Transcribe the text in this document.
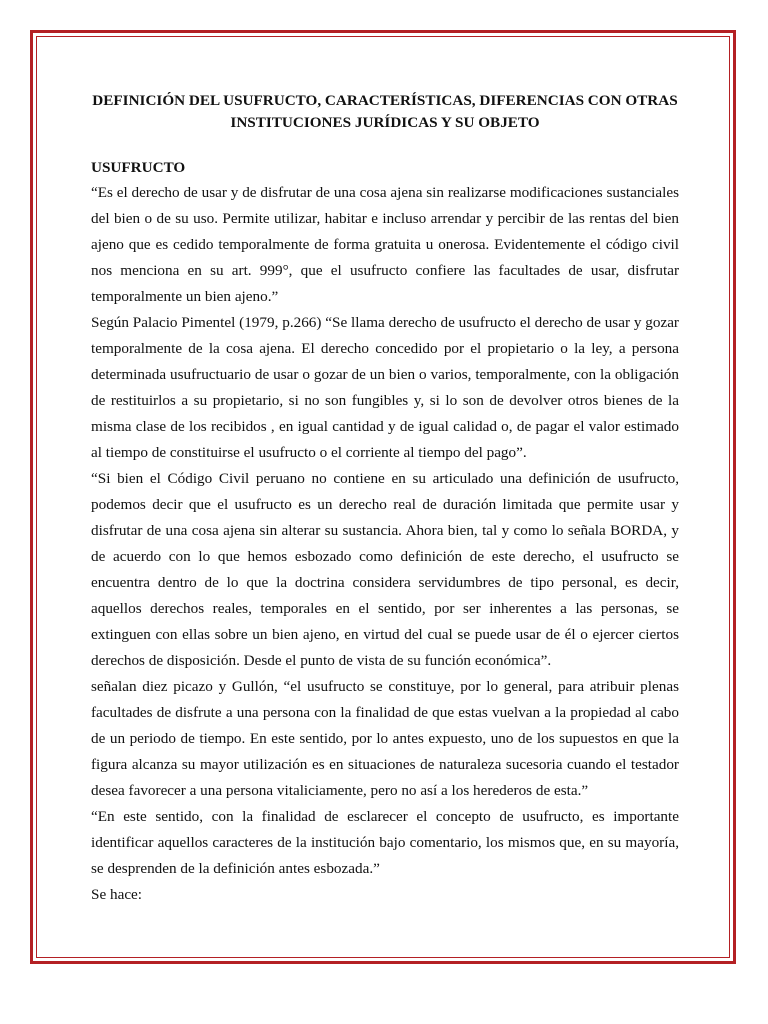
DEFINICIÓN DEL USUFRUCTO, CARACTERÍSTICAS, DIFERENCIAS CON OTRAS INSTITUCIONES JURÍDICAS Y SU OBJETO

USUFRUCTO

“Es el derecho de usar y de disfrutar de una cosa ajena sin realizarse modificaciones sustanciales del bien o de su uso. Permite utilizar, habitar e incluso arrendar y percibir de las rentas del bien ajeno que es cedido temporalmente de forma gratuita u onerosa. Evidentemente el código civil nos menciona en su art. 999°, que el usufructo confiere las facultades de usar, disfrutar temporalmente un bien ajeno.”

Según Palacio Pimentel (1979, p.266) “Se llama derecho de usufructo el derecho de usar y gozar temporalmente de la cosa ajena. El derecho concedido por el propietario o la ley, a persona determinada usufructuario de usar o gozar de un bien o varios, temporalmente, con la obligación de restituirlos a su propietario, si no son fungibles y, si lo son de devolver otros bienes de la misma clase de los recibidos , en igual cantidad y de igual calidad o, de pagar el valor estimado al tiempo de constituirse el usufructo o el corriente al tiempo del pago”.

“Si bien el Código Civil peruano no contiene en su articulado una definición de usufructo, podemos decir que el usufructo es un derecho real de duración limitada que permite usar y disfrutar de una cosa ajena sin alterar su sustancia. Ahora bien, tal y como lo señala BORDA, y de acuerdo con lo que hemos esbozado como definición de este derecho, el usufructo se encuentra dentro de lo que la doctrina considera servidumbres de tipo personal, es decir, aquellos derechos reales, temporales en el sentido, por ser inherentes a las personas, se extinguen con ellas sobre un bien ajeno, en virtud del cual se puede usar de él o ejercer ciertos derechos de disposición. Desde el punto de vista de su función económica”.

señalan diez picazo y Gullón, “el usufructo se constituye, por lo general, para atribuir plenas facultades de disfrute a una persona con la finalidad de que estas vuelvan a la propiedad al cabo de un periodo de tiempo. En este sentido, por lo antes expuesto, uno de los supuestos en que la figura alcanza su mayor utilización es en situaciones de naturaleza sucesoria cuando el testador desea favorecer a una persona vitaliciamente, pero no así a los herederos de esta.”

“En este sentido, con la finalidad de esclarecer el concepto de usufructo, es importante identificar aquellos caracteres de la institución bajo comentario, los mismos que, en su mayoría, se desprenden de la definición antes esbozada.”

Se hace:
